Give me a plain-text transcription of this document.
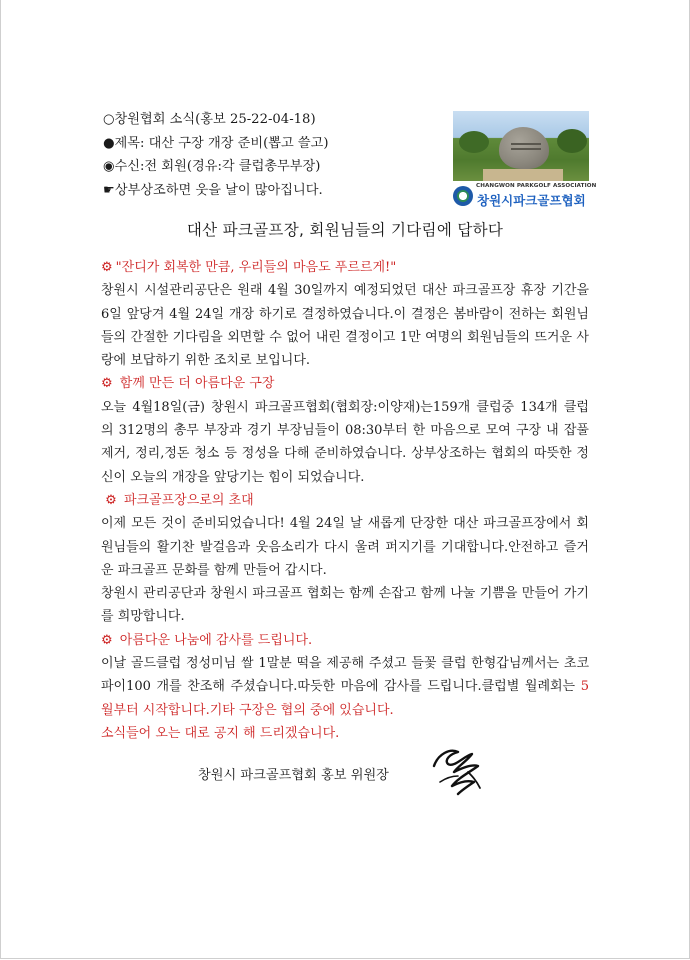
○창원협회 소식(홍보 25-22-04-18)
●제목: 대산 구장 개장 준비(뽑고 쓸고)
◉수신:전 회원(경유:각 클럽총무부장)
☛상부상조하면 웃을 날이 많아집니다.	CHANGWON PARKGOLF ASSOCIATION
창원시파크골프협회
대산 파크골프장, 회원님들의 기다림에 답하다

⚙ "잔디가 회복한 만큼, 우리들의 마음도 푸르르게!"

창원시 시설관리공단은 원래 4월 30일까지 예정되었던 대산 파크골프장 휴장 기간을 6일 앞당겨 4월 24일 개장 하기로 결정하였습니다.이 결정은 봄바람이 전하는 회원님들의 간절한 기다림을 외면할 수 없어 내린 결정이고 1만 여명의 회원님들의 뜨거운 사랑에 보답하기 위한 조치로 보입니다.

⚙ 함께 만든 더 아름다운 구장

오늘 4월18일(금) 창원시 파크골프협회(협회장:이양재)는159개 클럽중 134개 클럽의 312명의 총무 부장과 경기 부장님들이 08:30부터 한 마음으로 모여 구장 내 잡풀 제거, 정리,정돈 청소 등 정성을 다해 준비하였습니다. 상부상조하는 협회의 따뜻한 정신이 오늘의 개장을 앞당기는 힘이 되었습니다.

⚙ 파크골프장으로의 초대

이제 모든 것이 준비되었습니다! 4월 24일 날 새롭게 단장한 대산 파크골프장에서 회원님들의 활기찬 발걸음과 웃음소리가 다시 울려 퍼지기를 기대합니다.안전하고 즐거운 파크골프 문화를 함께 만들어 갑시다.

창원시 관리공단과 창원시 파크골프 협회는 함께 손잡고 함께 나눌 기쁨을 만들어 가기를 희망합니다.

⚙ 아름다운 나눔에 감사를 드립니다.

이날 골드클럽 정성미님 쌀 1말분 떡을 제공해 주셨고 들꽃 클럽 한형갑님께서는 초코파이100 개를 찬조해 주셨습니다.따듯한 마음에 감사를 드립니다.클럽별 월례회는 5월부터 시작합니다.기타 구장은 협의 중에 있습니다.

소식들어 오는 대로 공지 해 드리겠습니다.

창원시 파크골프협회 홍보 위원장
